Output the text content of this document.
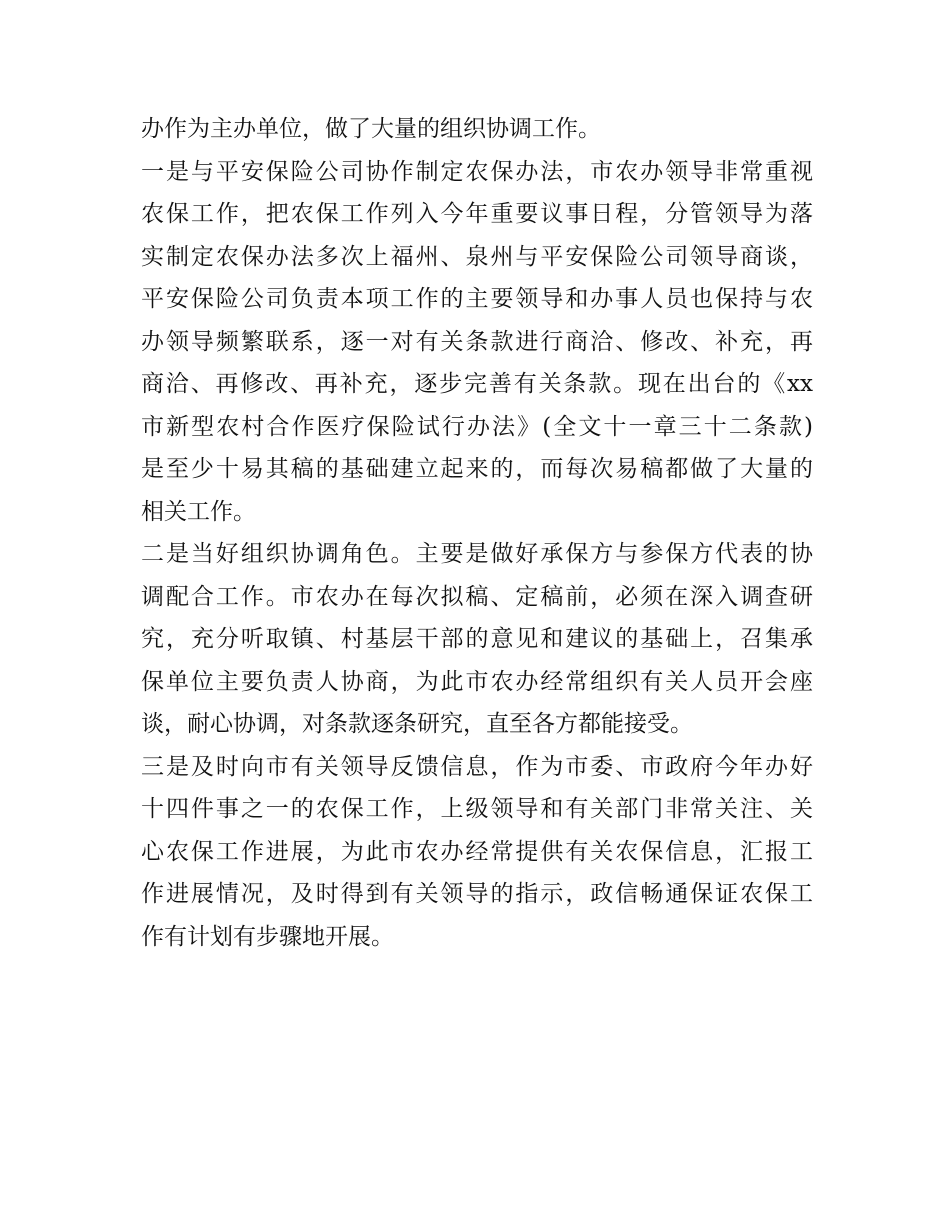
办作为主办单位，做了大量的组织协调工作。
一是与平安保险公司协作制定农保办法，市农办领导非常重视
农保工作，把农保工作列入今年重要议事日程，分管领导为落
实制定农保办法多次上福州、泉州与平安保险公司领导商谈，
平安保险公司负责本项工作的主要领导和办事人员也保持与农
办领导频繁联系，逐一对有关条款进行商洽、修改、补充，再
商洽、再修改、再补充，逐步完善有关条款。现在出台的《xx
市新型农村合作医疗保险试行办法》(全文十一章三十二条款)
是至少十易其稿的基础建立起来的，而每次易稿都做了大量的
相关工作。
二是当好组织协调角色。主要是做好承保方与参保方代表的协
调配合工作。市农办在每次拟稿、定稿前，必须在深入调查研
究，充分听取镇、村基层干部的意见和建议的基础上，召集承
保单位主要负责人协商，为此市农办经常组织有关人员开会座
谈，耐心协调，对条款逐条研究，直至各方都能接受。
三是及时向市有关领导反馈信息，作为市委、市政府今年办好
十四件事之一的农保工作，上级领导和有关部门非常关注、关
心农保工作进展，为此市农办经常提供有关农保信息，汇报工
作进展情况，及时得到有关领导的指示，政信畅通保证农保工
作有计划有步骤地开展。
